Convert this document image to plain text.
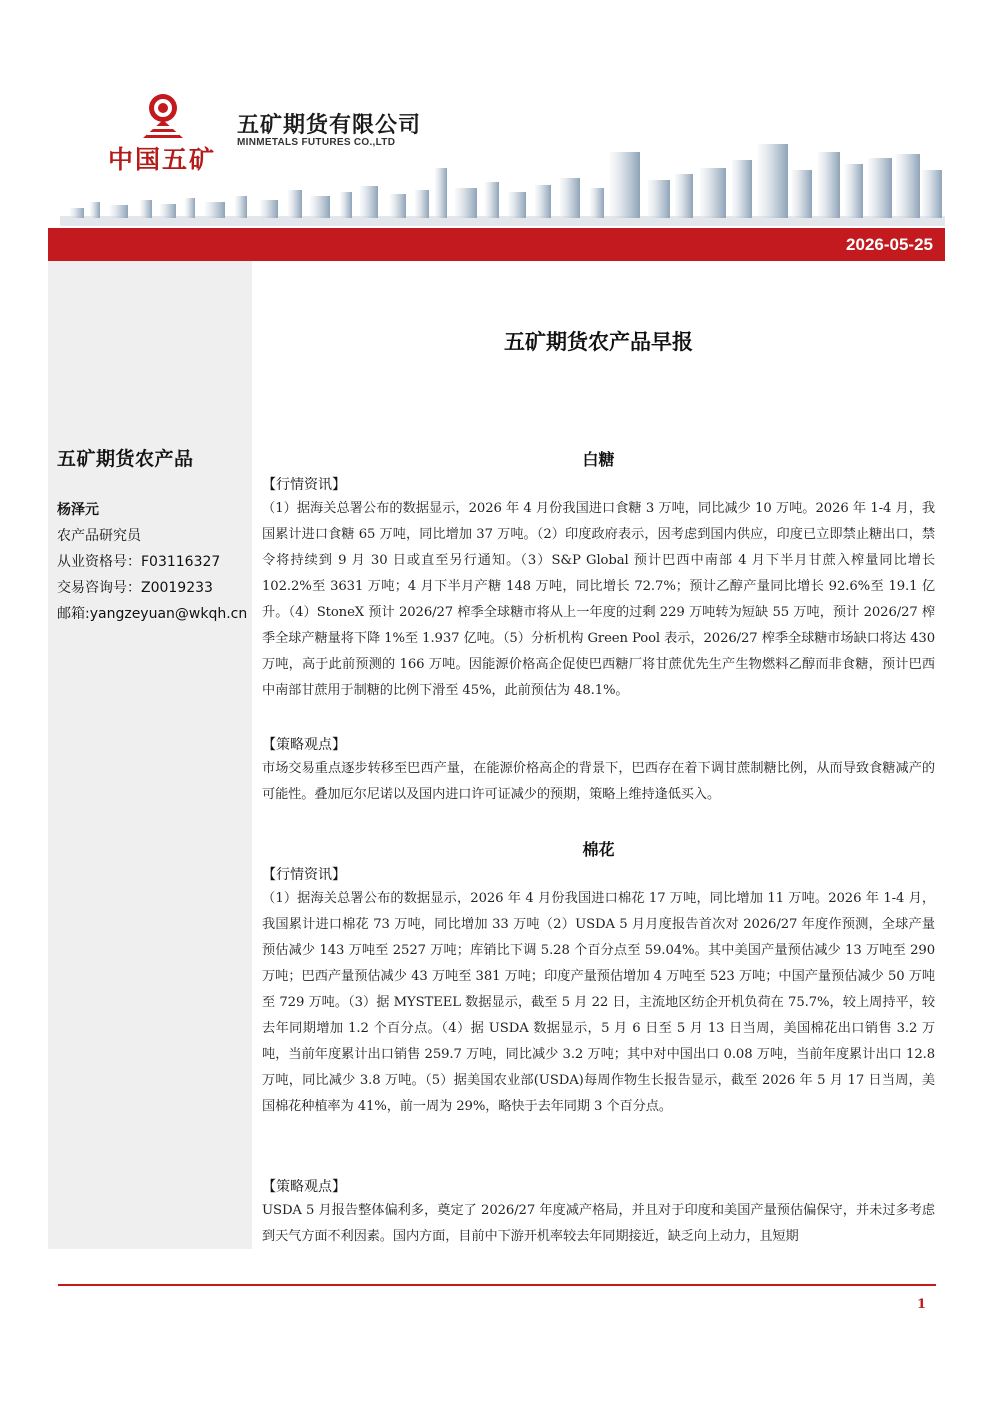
中国五矿
五矿期货有限公司
MINMETALS FUTURES CO.,LTD
2026-05-25
五矿期货农产品
杨泽元
农产品研究员
从业资格号：F03116327
交易咨询号：Z0019233
邮箱:yangzeyuan@wkqh.cn
五矿期货农产品早报
白糖
【行情资讯】

（1）据海关总署公布的数据显示，2026 年 4 月份我国进口食糖 3 万吨，同比减少 10 万吨。2026 年 1-4 月，我国累计进口食糖 65 万吨，同比增加 37 万吨。（2）印度政府表示，因考虑到国内供应，印度已立即禁止糖出口，禁令将持续到 9 月 30 日或直至另行通知。（3）S&P Global 预计巴西中南部 4 月下半月甘蔗入榨量同比增长 102.2%至 3631 万吨；4 月下半月产糖 148 万吨，同比增长 72.7%；预计乙醇产量同比增长 92.6%至 19.1 亿升。（4）StoneX 预计 2026/27 榨季全球糖市将从上一年度的过剩 229 万吨转为短缺 55 万吨，预计 2026/27 榨季全球产糖量将下降 1%至 1.937 亿吨。（5）分析机构 Green Pool 表示，2026/27 榨季全球糖市场缺口将达 430 万吨，高于此前预测的 166 万吨。因能源价格高企促使巴西糖厂将甘蔗优先生产生物燃料乙醇而非食糖，预计巴西中南部甘蔗用于制糖的比例下滑至 45%，此前预估为 48.1%。

【策略观点】

市场交易重点逐步转移至巴西产量，在能源价格高企的背景下，巴西存在着下调甘蔗制糖比例，从而导致食糖减产的可能性。叠加厄尔尼诺以及国内进口许可证减少的预期，策略上维持逢低买入。

棉花
【行情资讯】

（1）据海关总署公布的数据显示，2026 年 4 月份我国进口棉花 17 万吨，同比增加 11 万吨。2026 年 1-4 月，我国累计进口棉花 73 万吨，同比增加 33 万吨（2）USDA 5 月月度报告首次对 2026/27 年度作预测，全球产量预估减少 143 万吨至 2527 万吨；库销比下调 5.28 个百分点至 59.04%。其中美国产量预估减少 13 万吨至 290 万吨；巴西产量预估减少 43 万吨至 381 万吨；印度产量预估增加 4 万吨至 523 万吨；中国产量预估减少 50 万吨至 729 万吨。（3）据 MYSTEEL 数据显示，截至 5 月 22 日，主流地区纺企开机负荷在 75.7%，较上周持平，较去年同期增加 1.2 个百分点。（4）据 USDA 数据显示，5 月 6 日至 5 月 13 日当周，美国棉花出口销售 3.2 万吨，当前年度累计出口销售 259.7 万吨，同比减少 3.2 万吨；其中对中国出口 0.08 万吨，当前年度累计出口 12.8 万吨，同比减少 3.8 万吨。（5）据美国农业部(USDA)每周作物生长报告显示，截至 2026 年 5 月 17 日当周，美国棉花种植率为 41%，前一周为 29%，略快于去年同期 3 个百分点。

【策略观点】

USDA 5 月报告整体偏利多，奠定了 2026/27 年度减产格局，并且对于印度和美国产量预估偏保守，并未过多考虑到天气方面不利因素。国内方面，目前中下游开机率较去年同期接近，缺乏向上动力，且短期

1
